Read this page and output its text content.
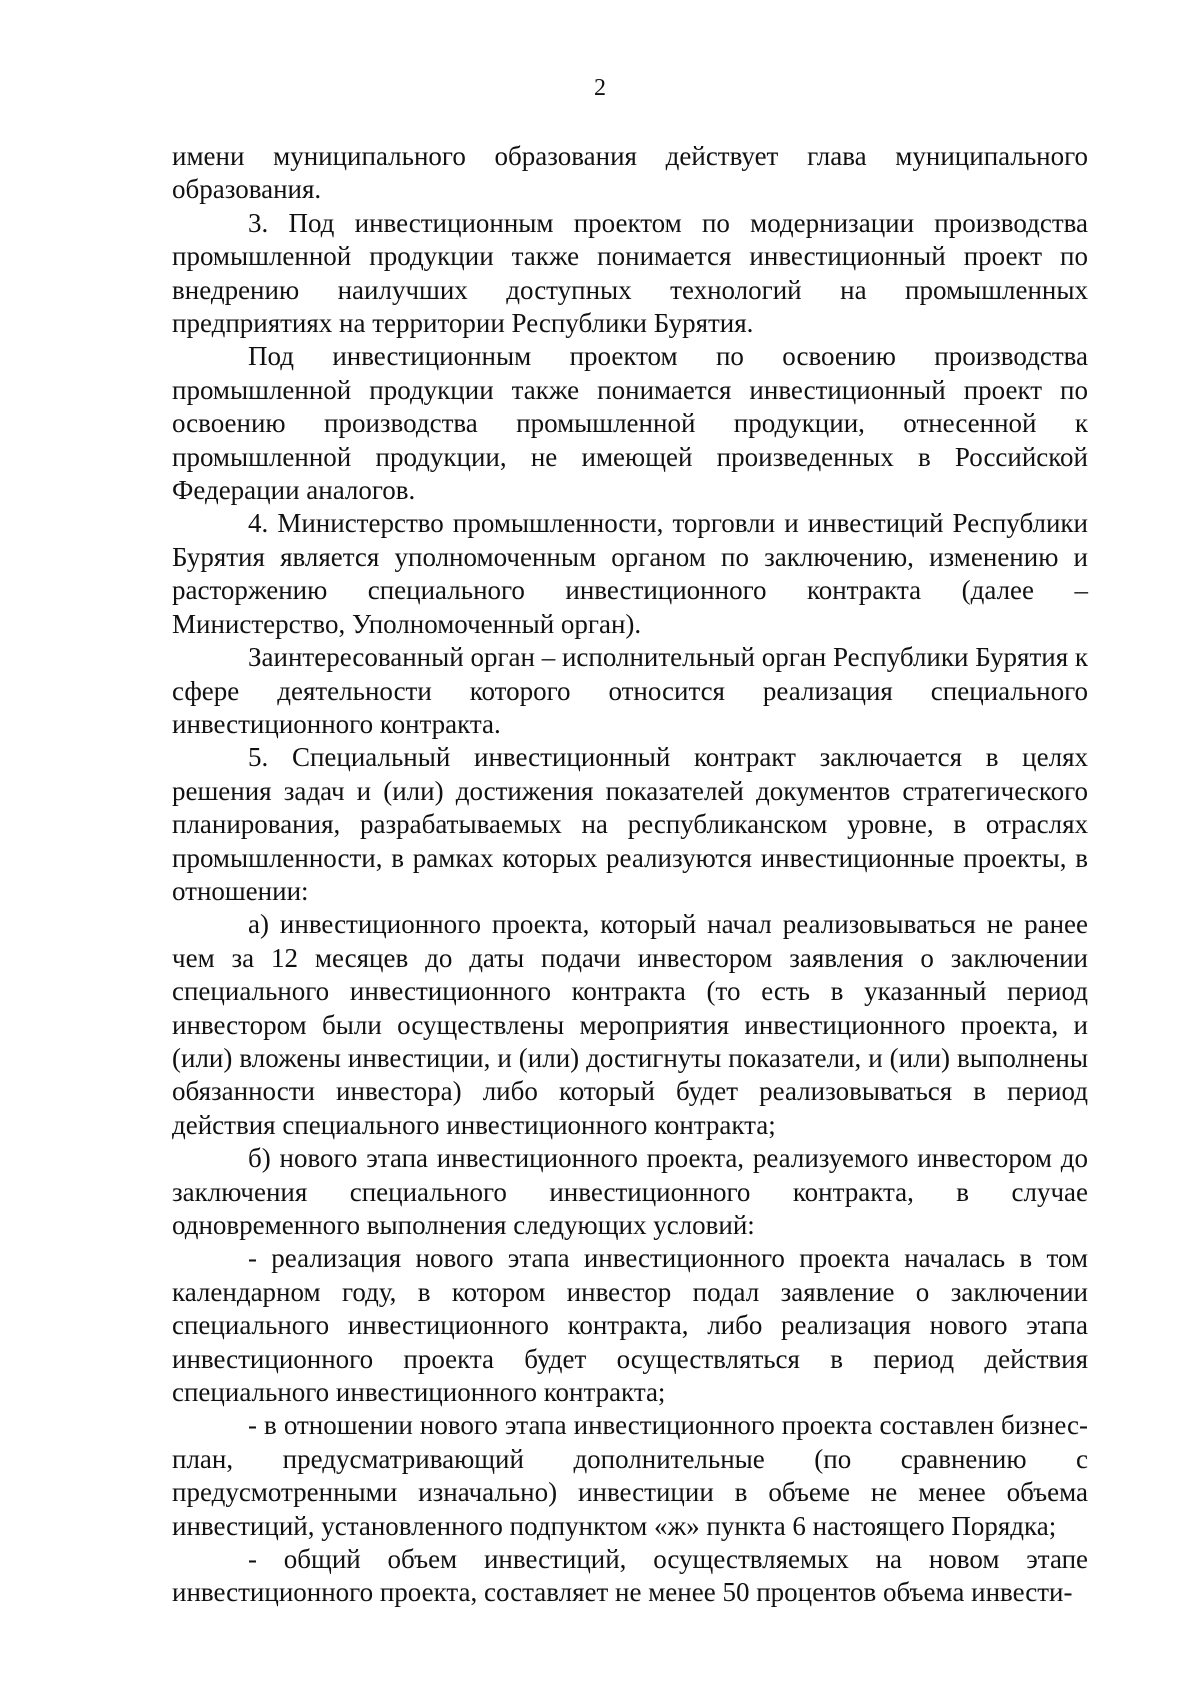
2

имени муниципального образования действует глава муниципального образования.

3. Под инвестиционным проектом по модернизации производства промышленной продукции также понимается инвестиционный проект по внедрению наилучших доступных технологий на промышленных предприятиях на территории Республики Бурятия.

Под инвестиционным проектом по освоению производства промышленной продукции также понимается инвестиционный проект по освоению производства промышленной продукции, отнесенной к промышленной продукции, не имеющей произведенных в Российской Федерации аналогов.

4. Министерство промышленности, торговли и инвестиций Республики Бурятия является уполномоченным органом по заключению, изменению и расторжению специального инвестиционного контракта (далее – Министерство, Уполномоченный орган).

Заинтересованный орган – исполнительный орган Республики Бурятия к сфере деятельности которого относится реализация специального инвестиционного контракта.

5. Специальный инвестиционный контракт заключается в целях решения задач и (или) достижения показателей документов стратегического планирования, разрабатываемых на республиканском уровне, в отраслях промышленности, в рамках которых реализуются инвестиционные проекты, в отношении:

а) инвестиционного проекта, который начал реализовываться не ранее чем за 12 месяцев до даты подачи инвестором заявления о заключении специального инвестиционного контракта (то есть в указанный период инвестором были осуществлены мероприятия инвестиционного проекта, и (или) вложены инвестиции, и (или) достигнуты показатели, и (или) выполнены обязанности инвестора) либо который будет реализовываться в период действия специального инвестиционного контракта;

б) нового этапа инвестиционного проекта, реализуемого инвестором до заключения специального инвестиционного контракта, в случае одновременного выполнения следующих условий:

- реализация нового этапа инвестиционного проекта началась в том календарном году, в котором инвестор подал заявление о заключении специального инвестиционного контракта, либо реализация нового этапа инвестиционного проекта будет осуществляться в период действия специального инвестиционного контракта;

- в отношении нового этапа инвестиционного проекта составлен бизнес-план, предусматривающий дополнительные (по сравнению с предусмотренными изначально) инвестиции в объеме не менее объема инвестиций, установленного подпунктом «ж» пункта 6 настоящего Порядка;

- общий объем инвестиций, осуществляемых на новом этапе инвестиционного проекта, составляет не менее 50 процентов объема инвести-
